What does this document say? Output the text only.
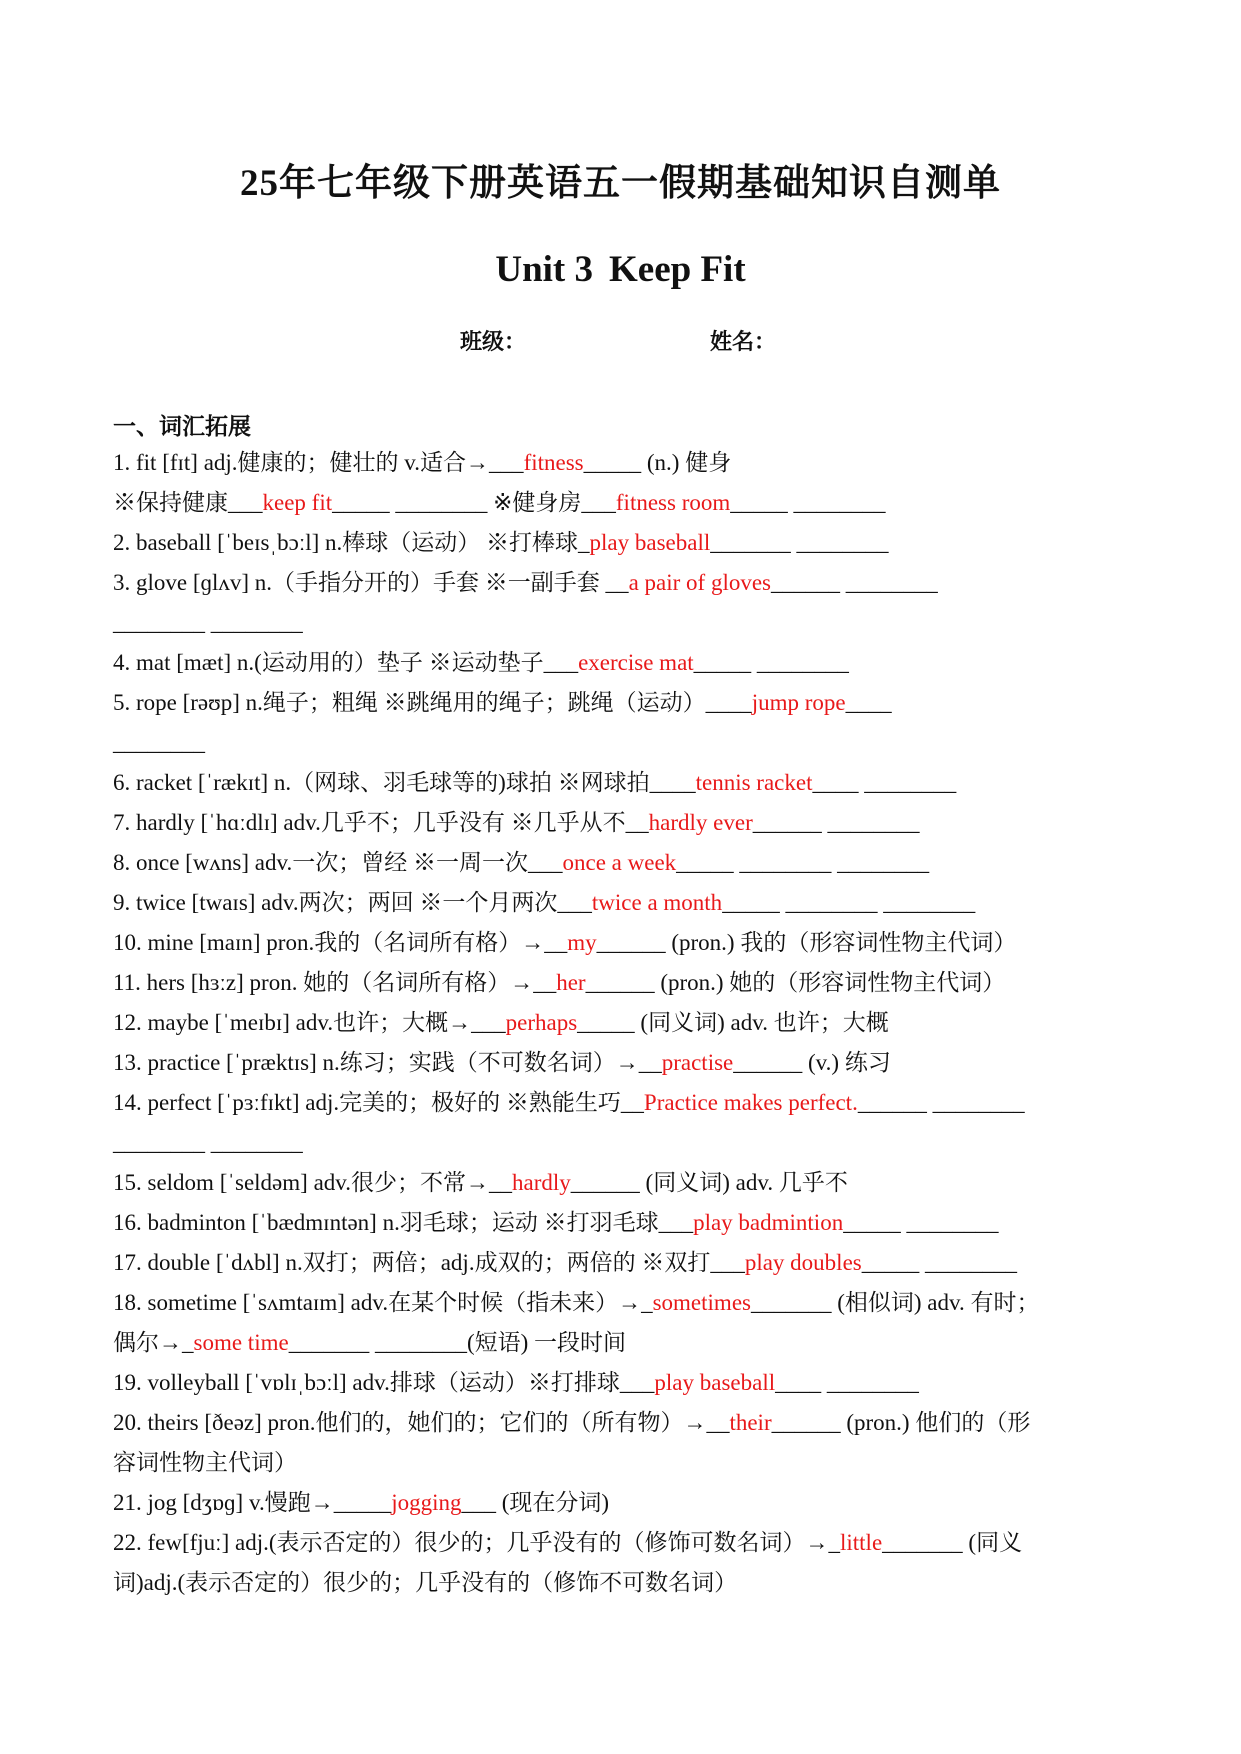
25年七年级下册英语五一假期基础知识自测单
Unit 3 Keep Fit
班级：	姓名：
一、词汇拓展
1. fit [fɪt] adj.健康的；健壮的 v.适合→___fitness_____ (n.) 健身
※保持健康___keep fit_____ ________ ※健身房___fitness room_____ ________
2. baseball [ˈbeɪsˌbɔːl] n.棒球（运动） ※打棒球_play baseball_______ ________
3. glove [ɡlʌv] n.（手指分开的）手套 ※一副手套 __a pair of gloves______ ________
________ ________
4. mat [mæt] n.(运动用的）垫子 ※运动垫子___exercise mat_____ ________
5. rope [rəʊp] n.绳子；粗绳 ※跳绳用的绳子；跳绳（运动）____jump rope____
________
6. racket [ˈrækɪt] n.（网球、羽毛球等的)球拍 ※网球拍____tennis racket____ ________
7. hardly [ˈhɑːdlɪ] adv.几乎不；几乎没有 ※几乎从不__hardly ever______ ________
8. once [wʌns] adv.一次；曾经 ※一周一次___once a week_____ ________ ________
9. twice [twaɪs] adv.两次；两回 ※一个月两次___twice a month_____ ________ ________
10. mine [maɪn] pron.我的（名词所有格）→__my______ (pron.) 我的（形容词性物主代词）
11. hers [hɜːz] pron. 她的（名词所有格）→__her______ (pron.) 她的（形容词性物主代词）
12. maybe [ˈmeɪbɪ] adv.也许；大概→___perhaps_____ (同义词) adv. 也许；大概
13. practice [ˈpræktɪs] n.练习；实践（不可数名词）→__practise______ (v.) 练习
14. perfect [ˈpɜːfɪkt] adj.完美的；极好的 ※熟能生巧__Practice makes perfect.______ ________
________ ________
15. seldom [ˈseldəm] adv.很少；不常→__hardly______ (同义词) adv. 几乎不
16. badminton [ˈbædmɪntən] n.羽毛球；运动 ※打羽毛球___play badmintion_____ ________
17. double [ˈdʌbl] n.双打；两倍；adj.成双的；两倍的 ※双打___play doubles_____ ________
18. sometime [ˈsʌmtaɪm] adv.在某个时候（指未来）→_sometimes_______ (相似词) adv. 有时；
偶尔→_some time_______ ________(短语) 一段时间
19. volleyball [ˈvɒlɪˌbɔːl] adv.排球（运动）※打排球___play baseball____ ________
20. theirs [ðeəz] pron.他们的，她们的；它们的（所有物）→__their______ (pron.) 他们的（形
容词性物主代词）
21. jog [dʒɒɡ] v.慢跑→_____jogging___ (现在分词)
22. few[fjuː] adj.(表示否定的）很少的；几乎没有的（修饰可数名词）→_little_______ (同义
词)adj.(表示否定的）很少的；几乎没有的（修饰不可数名词）
